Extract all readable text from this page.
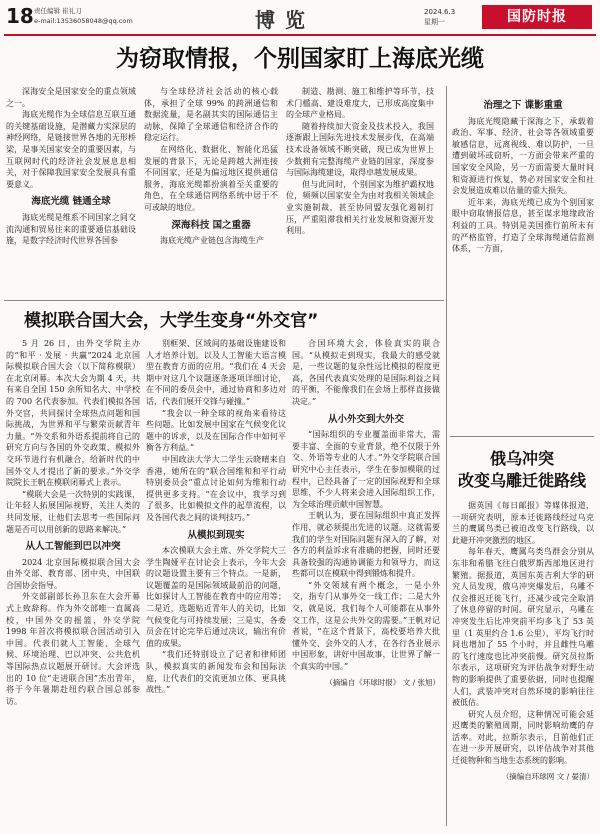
18 责任编辑 崔礼刀
e-mail:13536058048@qq.com	博览	2024.6.3
星期一	国防时报
为窃取情报，个别国家盯上海底光缆

深海安全是国家安全的重点领域之一。

海底光缆作为全球信息互联互通的关键基础设施，是潜藏力实深层的神经网络，是链接世界各地的无形桥梁，是事关国家安全的重要因素，与互联网时代的经济社会发展息息相关，对于保障我国家安全发展具有重要意义。

海底光缆 链通全球

海底光缆是维系不同国家之间交流沟通和贸易往来的重要通信基础设施，是数字经济时代世界各国参

与全球经济社会活动的核心载体，承担了全球 99% 的跨洲通信和数据流量，是名副其实的国际通信主动脉，保障了全球通信和经济合作的稳定运行。

在网络化、数据化、智能化迅猛发展的背景下，无论是跨越大洲连接不同国家，还是为偏远地区提供通信服务，海底光缆都扮演着至关重要的角色，在全球通信网络系统中居于不可或缺的地位。

深海科技 国之重器

海底光缆产业链包含海缆生产

制造、勘测、施工和维护等环节，技术门槛高、建设难度大，已形成高度集中的全球产业格局。

随着持续加大资金及技术投入，我国逐渐跟上国际先进技术发展步伐，在高端技术设备领域不断突破，现已成为世界上少数拥有完整海缆产业链的国家，深度参与国际海缆建设，取得卓越发展成果。

但与此同时，个别国家为维护霸权地位，频频以国家安全为由对我相关领域企业实施制裁，甚至协同盟友强化遏制打压，严重阻滞我相关行业发展和资源开发利用。

治理之下 谍影重重

海底光缆隐藏于深海之下，承载着政治、军事、经济、社会等各领域重要敏感信息，远离视线、难以防护，一旦遭到破坏或窃听，一方面会带来严重的国家安全风险，另一方面需要大量时间和资源进行恢复，势必对国家安全和社会发展造成难以估量的重大损失。

近年来，海底光缆已成为个别国家眼中窃取情报信息，甚至谋求地缘政治利益的工具。特别是美国推行前所未有的严格监管，打造了全球海缆通信监测体系，一方面，

模拟联合国大会，大学生变身“外交官”

5 月 26 日，由外交学院主办的“和平 · 发展 · 共赢”2024 北京国际模拟联合国大会（以下简称模联）在北京闭幕。本次大会为期 4 天，共有来自全国 150 余所知名大、中学校的 700 名代表参加。代表们模拟各国外交官，共同探讨全球热点问题和国际挑战，为世界和平与繁荣贡献青年力量。“外交系和外语系提前将自己的研究方向与各国的外交政策、模拟外交环节进行有机融合，给新时代的中国外交人才提出了新的要求。”外交学院院长王帆在模联闭幕式上表示。

“模联大会是一次特别的实践课，让年轻人拓展国际视野，关注人类的共同发展，让他们去思考一些国际问题是否可以用创新的思路来解决。”

从人工智能到巴以冲突

2024 北京国际模拟联合国大会由外交部、教育部、团中央、中国联合国协会指导。

外交部副部长孙卫东在大会开幕式上致辞称。作为外交部唯一直属高校，中国外交的摇篮，外交学院 1998 年首次将模拟联合国活动引入中国。代表们就人工智能、全球气候、环境治理、巴以冲突、公共危机等国际热点议题展开研讨。大会评选出的 10 位“走进联合国”杰出青年，将于今年暑期赴纽约联合国总部参访。

别框架、区域间的基础设施建设和人才培养计划。以及人工智能大语言模型在教育方面的应用。“我们在 4 天会期中对这几个议题逐条逐项详细讨论，在不同的委员会中，通过协商和多边对话，代表们展开交锋与碰撞。”

“我会以一种全球的视角来看待这些问题。比如发展中国家在气候变化议题中的诉求，以及在国际合作中如何平衡各方利益。”

中国政法大学大二学生云晓晴来自香港，她所在的“联合国维和和平行动特别委员会”重点讨论如何为维和行动提供更多支持。“在会议中，我学习到了很多，比如模拟文件的起草流程，以及各国代表之间的谈判技巧。”

从模拟到现实

本次模联大会主席、外交学院大三学生陶娅平在讨论会上表示，今年大会的议题设置主要有三个特点。一是新，议题覆盖的是国际领域最前沿的问题，比如探讨人工智能在教育中的应用等；二是近，选题贴近青年人的关切，比如气候变化与可持续发展；三是实，各委员会在讨论完毕后通过决议，输出有价值的成果。

“我们还特别设立了记者和律师团队，模拟真实的新闻发布会和国际法庭，让代表们的交流更加立体、更具挑战性。”

合国环境大会，体验真实的联合国。“从模拟走到现实，我最大的感受就是，一些议题的复杂性远比模拟的程度更高，各国代表真实处理的是国际利益之间的平衡，不能像我们在会场上那样直接做决定。”

从小外交到大外交

“国际组织的专业覆盖面非常大，需要丰富、全面的专业背景，绝不仅限于外交、外语等专业的人才。”外交学院联合国研究中心主任表示，学生在参加模联的过程中，已经具备了一定的国际视野和全球思维，不少人将来会进入国际组织工作，为全球治理贡献中国智慧。

王帆认为，要在国际组织中真正发挥作用，就必须提出先进的议题。这就需要我们的学生对国际问题有深入的了解，对各方的利益诉求有准确的把握，同时还要具备较强的沟通协调能力和领导力，而这些都可以在模联中得到锻炼和提升。

“外交领域有两个概念，一是小外交，指专门从事外交一线工作；二是大外交，就是说，我们每个人可能都在从事外交工作，这是公共外交的需要。”王帆对记者说，“在这个背景下，高校要培养大批懂外交、会外交的人才，在各行各业展示中国形象，讲好中国故事，让世界了解一个真实的中国。”

（摘编自《环球时报》 文 / 张旭）

俄乌冲突
改变乌雕迁徙路线

据英国《每日邮报》等媒体报道，一项研究表明，原本迁徙路线经过乌克兰的鹰属鸟类已被迫改变飞行路线，以此避开冲突激烈的地区。

每年春天，鹰属乌类鸟群会分别从东非和希腊飞往白俄罗斯西部地区进行繁殖。据报道，英国东英吉利大学的研究人员发现，俄乌冲突爆发后，乌雕不仅会推迟迁徙飞行，还减少或完全取消了休息停留的时间。研究显示，乌雕在冲突发生后比冲突前平均多飞了 53 英里（1 英里约合 1.6 公里），平均飞行时间也增加了 55 个小时，并且雌性乌雕的飞行速度也比冲突前慢。研究员拉斯尔表示，这项研究为评估战争对野生动物的影响提供了重要依据，同时也提醒人们，武装冲突对自然环境的影响往往被低估。

研究人员介绍，这种情况可能会延迟鹰类的繁殖周期，同时影响幼鹰的存活率。对此，拉斯尔表示，目前他们正在进一步开展研究，以评估战争对其他迁徙物种和当地生态系统的影响。

（摘编自环球网 文 / 晏清）
